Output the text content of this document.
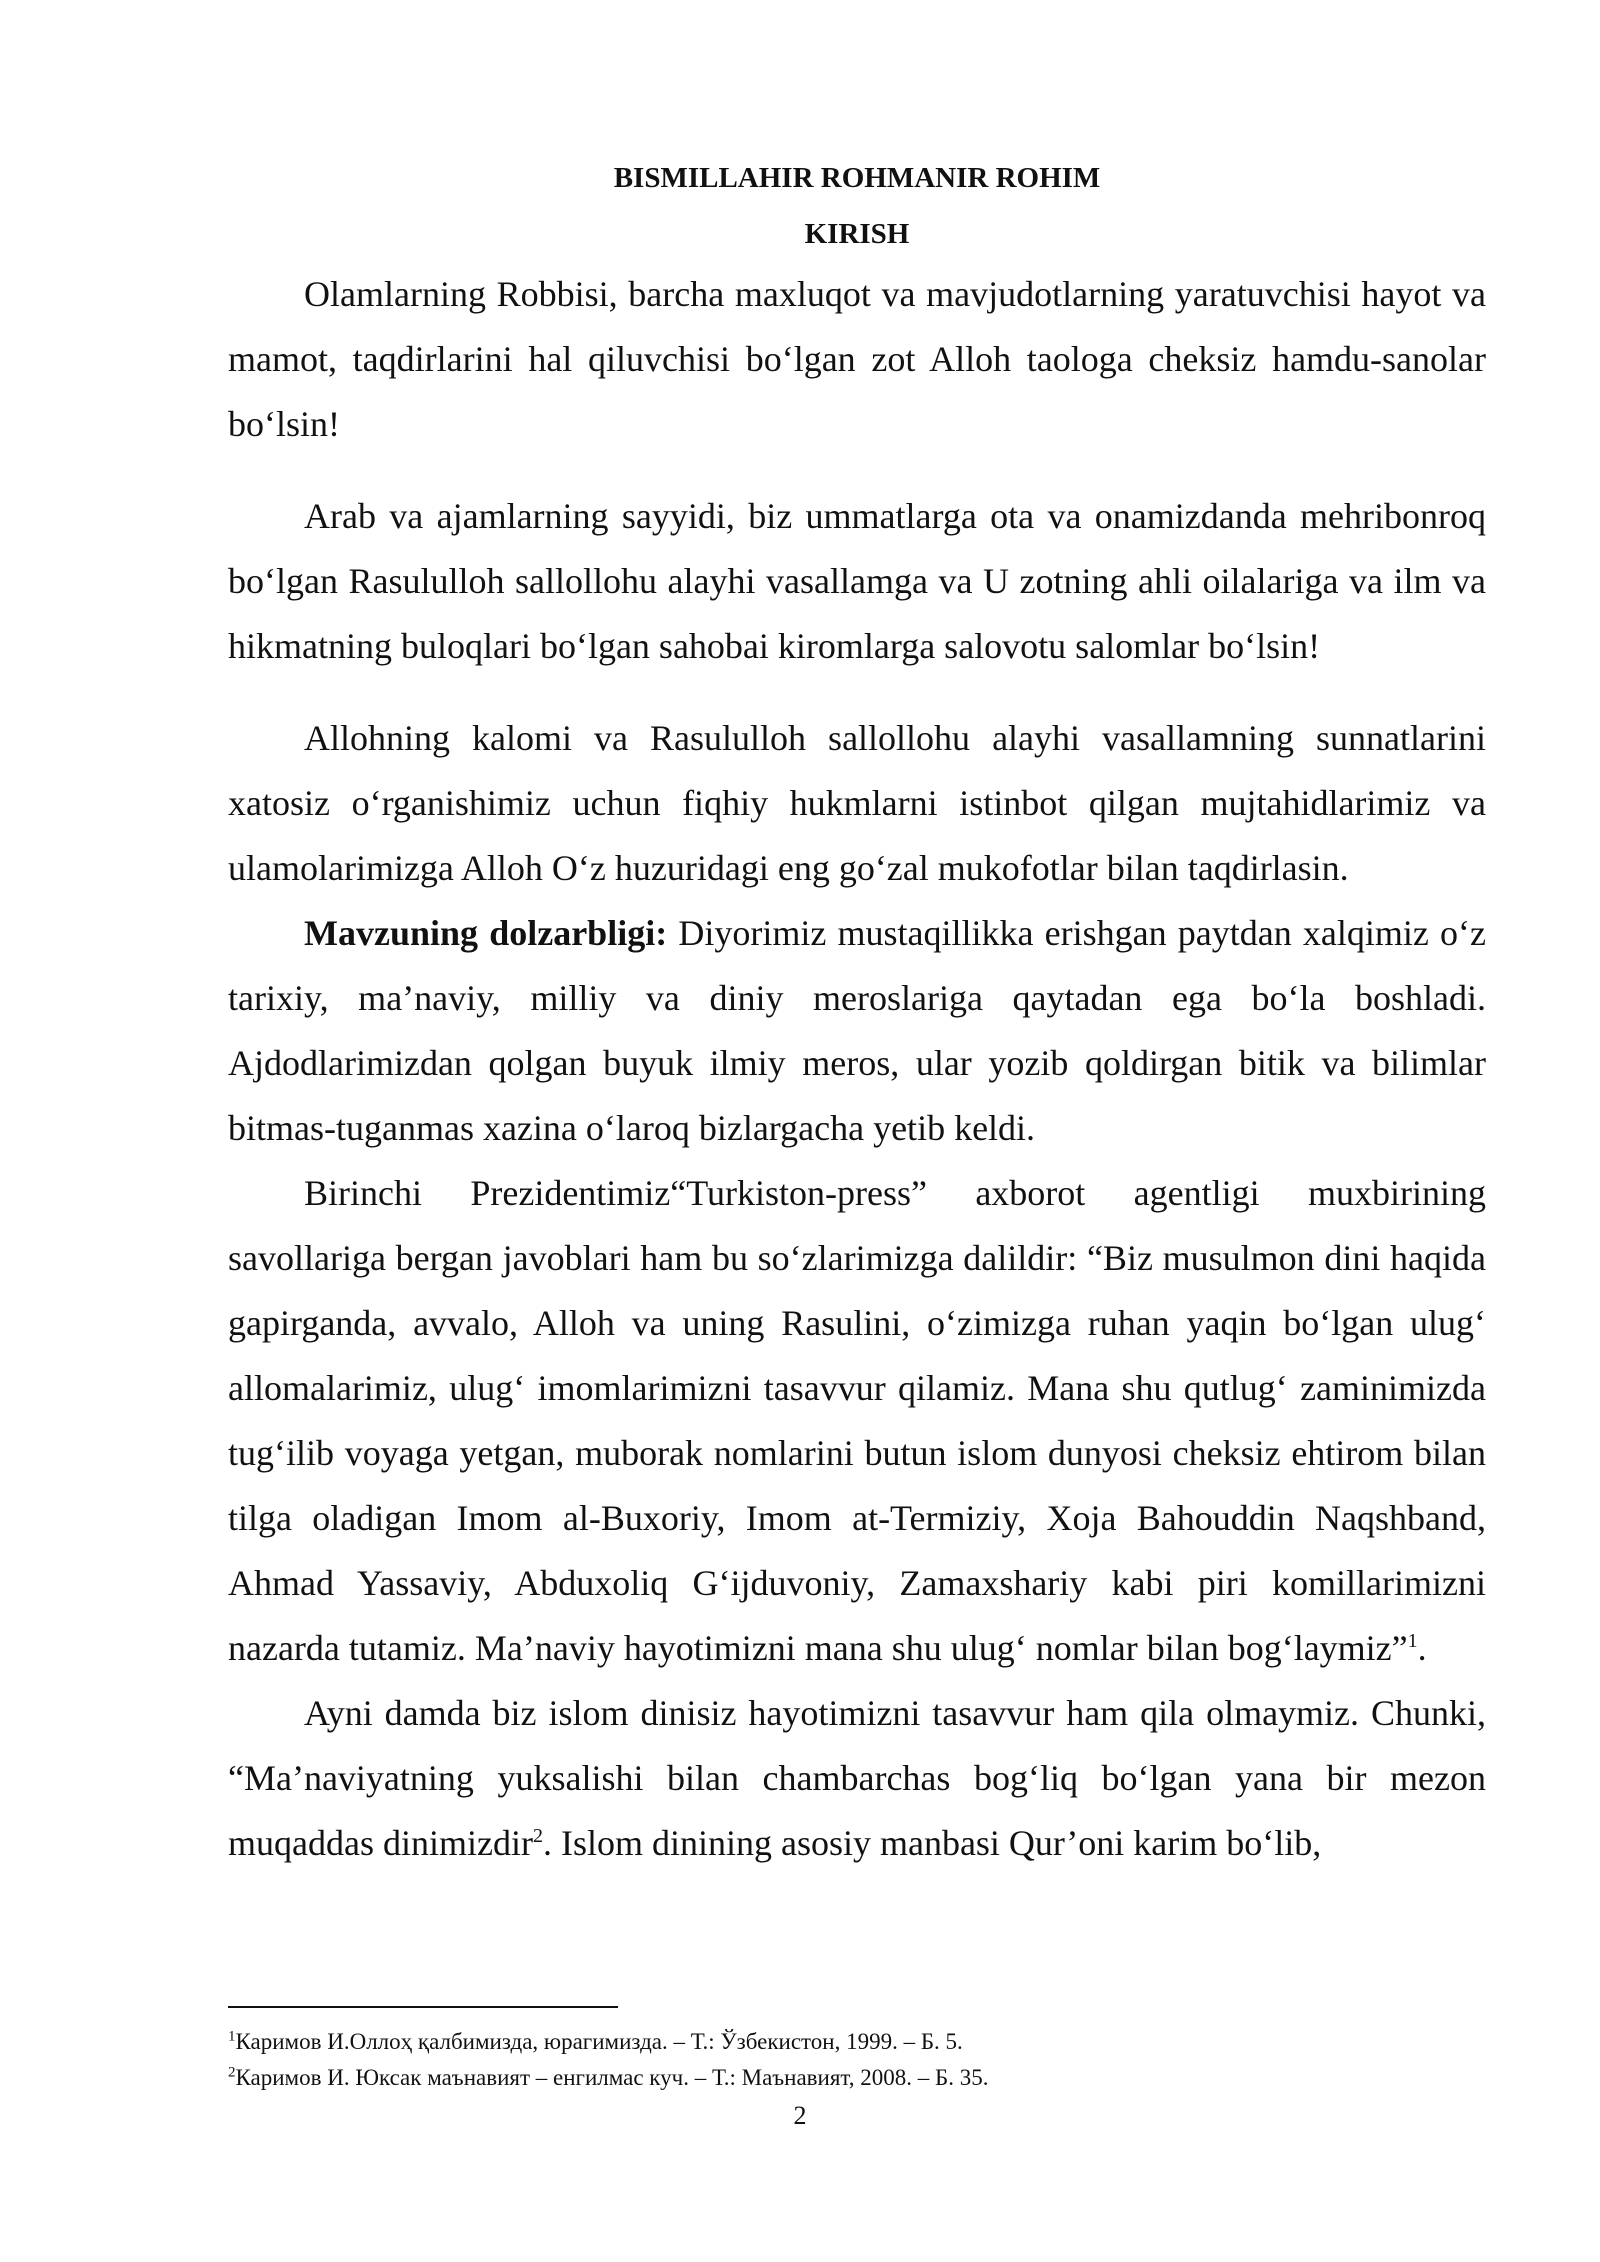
BISMILLAHIR ROHMANIR ROHIM

KIRISH

Olamlarning Robbisi, barcha maxluqot va mavjudotlarning yaratuvchisi hayot va mamot, taqdirlarini hal qiluvchisi bo‘lgan zot Alloh taologa cheksiz hamdu-sanolar bo‘lsin!

Arab va ajamlarning sayyidi, biz ummatlarga ota va onamizdanda mehribonroq bo‘lgan Rasululloh sallollohu alayhi vasallamga va U zotning ahli oilalariga va ilm va hikmatning buloqlari bo‘lgan sahobai kiromlarga salovotu salomlar bo‘lsin!

Allohning kalomi va Rasululloh sallollohu alayhi vasallamning sunnatlarini xatosiz o‘rganishimiz uchun fiqhiy hukmlarni istinbot qilgan mujtahidlarimiz va ulamolarimizga Alloh O‘z huzuridagi eng go‘zal mukofotlar bilan taqdirlasin.

Mavzuning dolzarbligi: Diyorimiz mustaqillikka erishgan paytdan xalqimiz o‘z tarixiy, ma’naviy, milliy va diniy meroslariga qaytadan ega bo‘la boshladi. Ajdodlarimizdan qolgan buyuk ilmiy meros, ular yozib qoldirgan bitik va bilimlar bitmas-tuganmas xazina o‘laroq bizlargacha yetib keldi.

Birinchi Prezidentimiz“Turkiston-press” axborot agentligi muxbirining savollariga bergan javoblari ham bu so‘zlarimizga dalildir: “Biz musulmon dini haqida gapirganda, avvalo, Alloh va uning Rasulini, o‘zimizga ruhan yaqin bo‘lgan ulug‘ allomalarimiz, ulug‘ imomlarimizni tasavvur qilamiz. Mana shu qutlug‘ zaminimizda tug‘ilib voyaga yetgan, muborak nomlarini butun islom dunyosi cheksiz ehtirom bilan tilga oladigan Imom al-Buxoriy, Imom at-Termiziy, Xoja Bahouddin Naqshband, Ahmad Yassaviy, Abduxoliq G‘ijduvoniy, Zamaxshariy kabi piri komillarimizni nazarda tutamiz. Ma’naviy hayotimizni mana shu ulug‘ nomlar bilan bog‘laymiz”$^1$.

Ayni damda biz islom dinisiz hayotimizni tasavvur ham qila olmaymiz. Chunki, “Ma’naviyatning yuksalishi bilan chambarchas bog‘liq bo‘lgan yana bir mezon muqaddas dinimizdir$^2$. Islom dinining asosiy manbasi Qur’oni karim bo‘lib,

$^1$Каримов И.Оллоҳ қалбимизда, юрагимизда. – Т.: Ўзбекистон, 1999. – Б. 5.

$^2$Каримов И. Юксак маънавият – енгилмас куч. – Т.: Маънавият, 2008. – Б. 35.

2
